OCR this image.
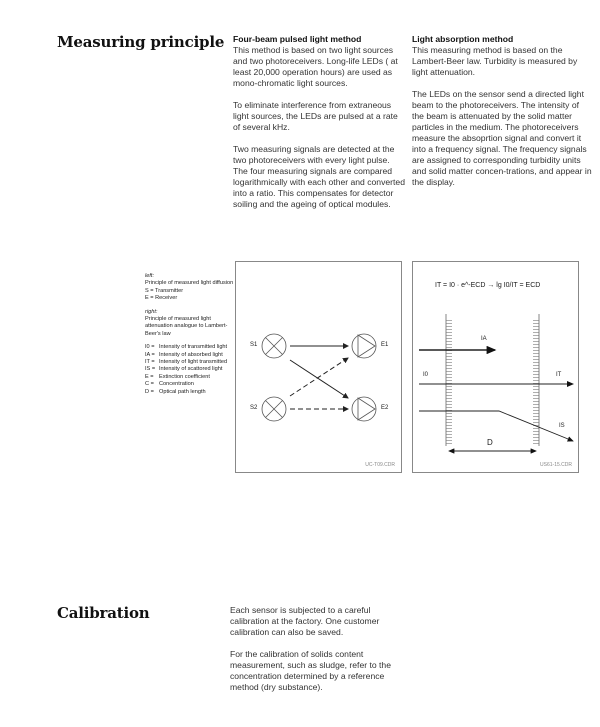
Measuring principle Four-beam pulsed light method

This method is based on two light sources and two photoreceivers. Long-life LEDs ( at least 20,000 operation hours) are used as mono-chromatic light sources.

To eliminate interference from extraneous light sources, the LEDs are pulsed at a rate of several kHz.

Two measuring signals are detected at the two photoreceivers with every light pulse. The four measuring signals are compared logarithmically with each other and converted into a ratio. This compensates for detector soiling and the ageing of optical modules.

Light absorption method

This measuring method is based on the Lambert-Beer law. Turbidity is measured by light attenuation.

The LEDs on the sensor send a directed light beam to the photoreceivers. The intensity of the beam is attenuated by the solid matter particles in the medium. The photoreceivers measure the absoprtion signal and convert it into a frequency signal. The frequency signals are assigned to corresponding turbidity units and solid matter concen-trations, and appear in the display.

left:
Principle of measured light diffusion
S = Transmitter
E = Receiver

right:
Principle of measured light attenuation analogue to Lambert-Beer's law

I0 =	Intensity of transmitted light
IA =	Intensity of absorbed light
IT =	Intensity of light transmitted
IS =	Intensity of scattored light
E =	Extinction coefficient
C =	Concentration
D =	Optical path length
S1
S2
E1
E2
UC-T09.CDR
IT = I0 · e^-ECD → lg I0/IT = ECD
IA
I0	IT
IS
D
US61-15.CDR
Calibration	Each sensor is subjected to a careful calibration at the factory. One customer calibration can also be saved.

For the calibration of solids content measurement, such as sludge, refer to the concentration determined by a reference method (dry substance).
